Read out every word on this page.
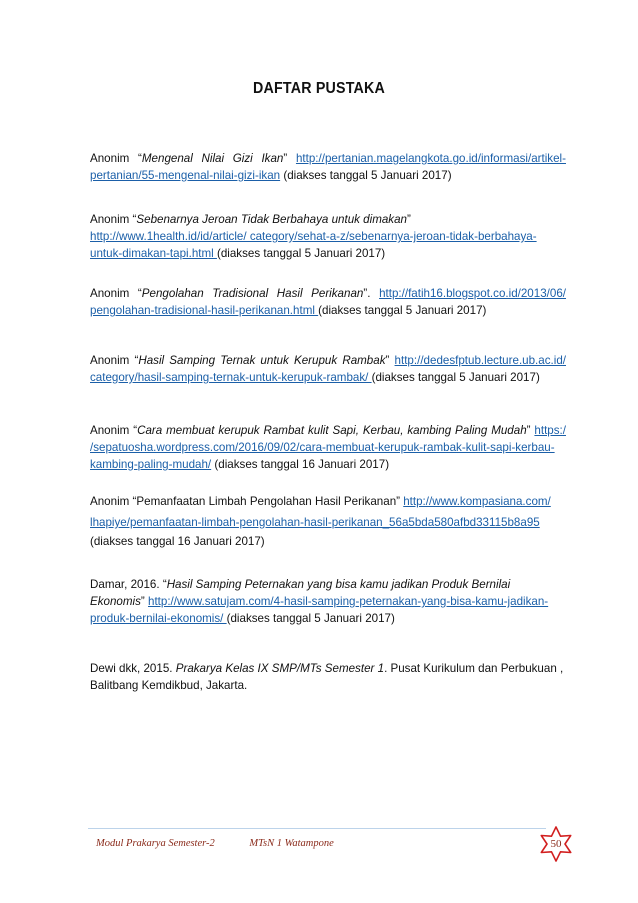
DAFTAR PUSTAKA
Anonim “Mengenal Nilai Gizi Ikan” http://pertanian.magelangkota.go.id/informasi/artikel-
pertanian/55-mengenal-nilai-gizi-ikan (diakses tanggal 5 Januari 2017)
Anonim “Sebenarnya Jeroan Tidak Berbahaya untuk dimakan”
http://www.1health.id/id/article/ category/sehat-a-z/sebenarnya-jeroan-tidak-berbahaya-
untuk-dimakan-tapi.html (diakses tanggal 5 Januari 2017)
Anonim “Pengolahan Tradisional Hasil Perikanan”. http://fatih16.blogspot.co.id/2013/06/
pengolahan-tradisional-hasil-perikanan.html (diakses tanggal 5 Januari 2017)
Anonim “Hasil Samping Ternak untuk Kerupuk Rambak” http://dedesfptub.lecture.ub.ac.id/
category/hasil-samping-ternak-untuk-kerupuk-rambak/ (diakses tanggal 5 Januari 2017)
Anonim “Cara membuat kerupuk Rambat kulit Sapi, Kerbau, kambing Paling Mudah” https:/
/sepatuosha.wordpress.com/2016/09/02/cara-membuat-kerupuk-rambak-kulit-sapi-kerbau-
kambing-paling-mudah/ (diakses tanggal 16 Januari 2017)
Anonim “Pemanfaatan Limbah Pengolahan Hasil Perikanan” http://www.kompasiana.com/
lhapiye/pemanfaatan-limbah-pengolahan-hasil-perikanan_56a5bda580afbd33115b8a95
(diakses tanggal 16 Januari 2017)
Damar, 2016. “Hasil Samping Peternakan yang bisa kamu jadikan Produk Bernilai
Ekonomis” http://www.satujam.com/4-hasil-samping-peternakan-yang-bisa-kamu-jadikan-
produk-bernilai-ekonomis/ (diakses tanggal 5 Januari 2017)
Dewi dkk, 2015. Prakarya Kelas IX SMP/MTs Semester 1. Pusat Kurikulum dan Perbukuan ,
Balitbang Kemdikbud, Jakarta.
Modul Prakarya Semester-2	MTsN 1 Watampone	50
